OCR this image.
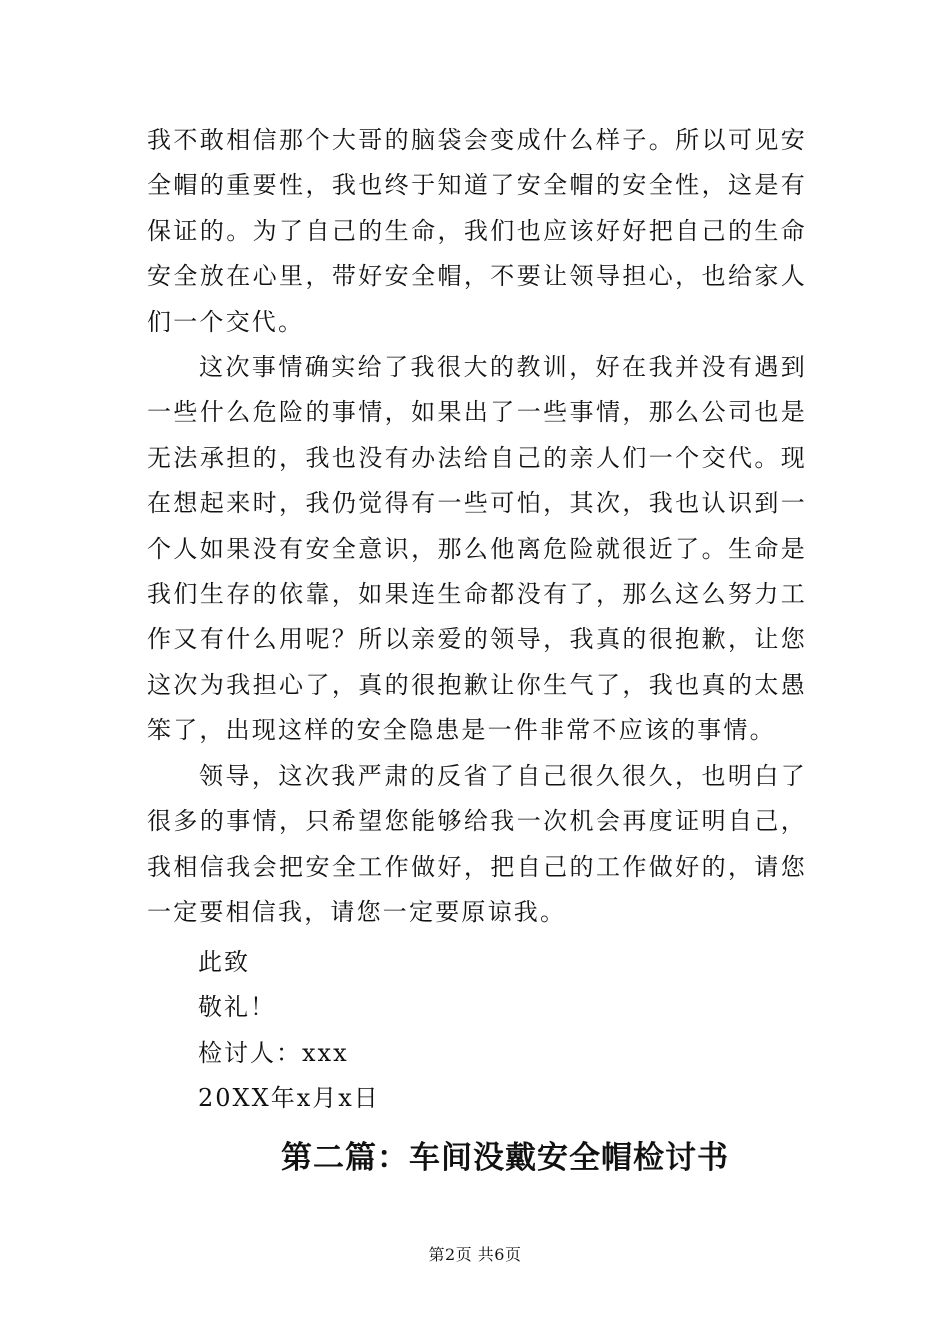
我不敢相信那个大哥的脑袋会变成什么样子。所以可见安全帽的重要性，我也终于知道了安全帽的安全性，这是有保证的。为了自己的生命，我们也应该好好把自己的生命安全放在心里，带好安全帽，不要让领导担心，也给家人们一个交代。

这次事情确实给了我很大的教训，好在我并没有遇到一些什么危险的事情，如果出了一些事情，那么公司也是无法承担的，我也没有办法给自己的亲人们一个交代。现在想起来时，我仍觉得有一些可怕，其次，我也认识到一个人如果没有安全意识，那么他离危险就很近了。生命是我们生存的依靠，如果连生命都没有了，那么这么努力工作又有什么用呢？所以亲爱的领导，我真的很抱歉，让您这次为我担心了，真的很抱歉让你生气了，我也真的太愚笨了，出现这样的安全隐患是一件非常不应该的事情。

领导，这次我严肃的反省了自己很久很久，也明白了很多的事情，只希望您能够给我一次机会再度证明自己，我相信我会把安全工作做好，把自己的工作做好的，请您一定要相信我，请您一定要原谅我。

此致
敬礼！
检讨人：xxx
20XX年x月x日
第二篇：车间没戴安全帽检讨书
第2页 共6页
